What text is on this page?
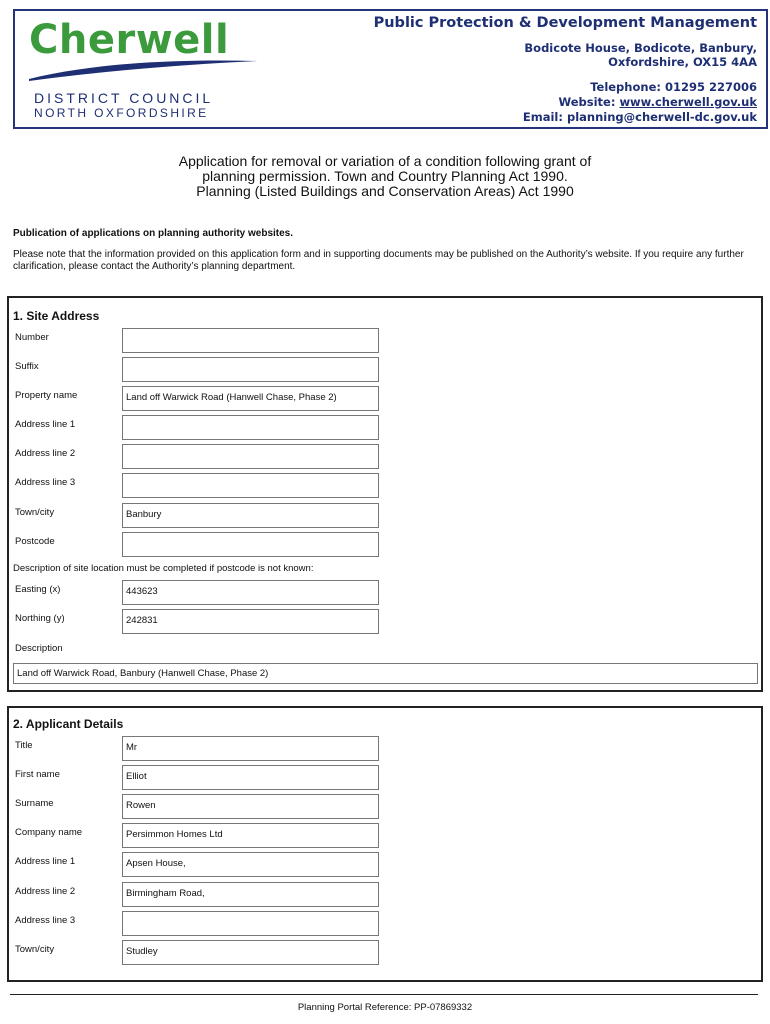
Cherwell
DISTRICT COUNCIL
NORTH OXFORDSHIRE
Public Protection & Development Management
Bodicote House, Bodicote, Banbury,
Oxfordshire, OX15 4AA
Telephone: 01295 227006
Website: www.cherwell.gov.uk
Email: planning@cherwell-dc.gov.uk
Application for removal or variation of a condition following grant of
planning permission. Town and Country Planning Act 1990.
Planning (Listed Buildings and Conservation Areas) Act 1990
Publication of applications on planning authority websites.
Please note that the information provided on this application form and in supporting documents may be published on the Authority’s website. If you require any further clarification, please contact the Authority’s planning department.
1. Site Address
Number
Suffix
Property name	Land off Warwick Road (Hanwell Chase, Phase 2)
Address line 1
Address line 2
Address line 3
Town/city	Banbury
Postcode
Description of site location must be completed if postcode is not known:
Easting (x)	443623
Northing (y)	242831
Description
Land off Warwick Road, Banbury (Hanwell Chase, Phase 2)
2. Applicant Details
Title	Mr
First name	Elliot
Surname	Rowen
Company name	Persimmon Homes Ltd
Address line 1	Apsen House,
Address line 2	Birmingham Road,
Address line 3
Town/city	Studley
Planning Portal Reference: PP-07869332
